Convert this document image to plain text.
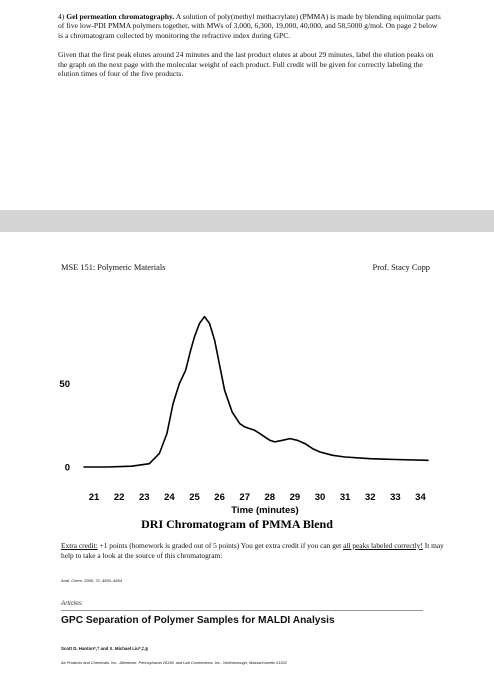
4) Gel permeation chromatography. A solution of poly(methyl methacrylate) (PMMA) is made by blending equimolar parts of five low-PDI PMMA polymers together, with MWs of 3,000, 6,300, 19,000, 40,000, and 58,5000 g/mol. On page 2 below is a chromatogram collected by monitoring the refractive index during GPC.

Given that the first peak elutes around 24 minutes and the last product elutes at about 29 minutes, label the elution peaks on the graph on the next page with the molecular weight of each product. Full credit will be given for correctly labeling the elution times of four of the five products.

MSE 151: Polymeric Materials	Prof. Stacy Copp
21 22 23 24 25 26 27 28 29 30 31 32 33 34
0
50
Time (minutes)
DRI Chromatogram of PMMA Blend
Extra credit: +1 points (homework is graded out of 5 points) You get extra credit if you can get all peaks labeled correctly! It may help to take a look at the source of this chromatogram:
Anal. Chem. 2005, 72, 4950–4954
Articles
GPC Separation of Polymer Samples for MALDI Analysis
Scott D. Hanton*,† and X. Michael Liu*,‡,§
Air Products and Chemicals, Inc., Allentown, Pennsylvania 18195, and Lab Connections, Inc., Northborough, Massachusetts 01532
